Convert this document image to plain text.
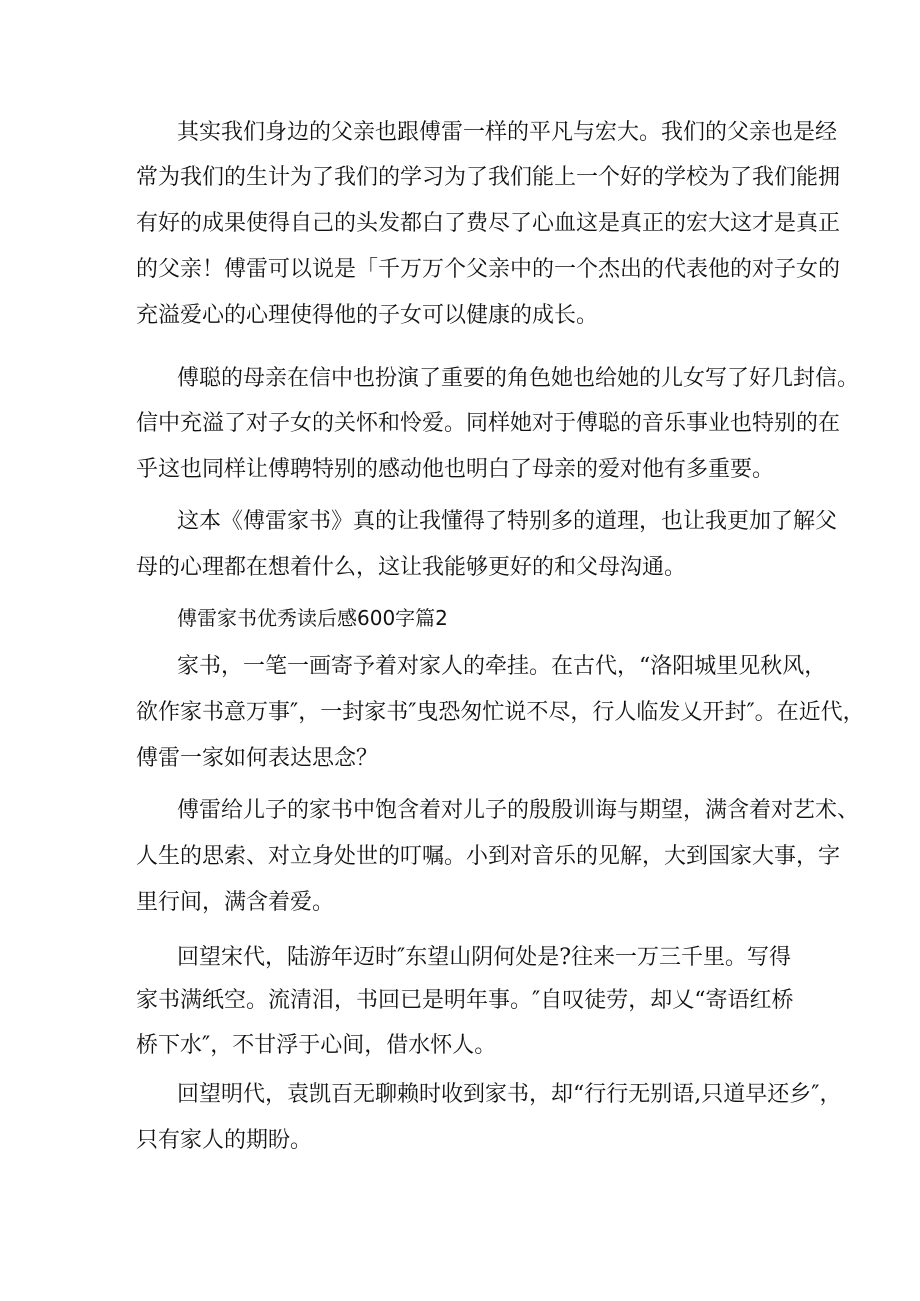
其实我们身边的父亲也跟傅雷一样的平凡与宏大。我们的父亲也是经
常为我们的生计为了我们的学习为了我们能上一个好的学校为了我们能拥
有好的成果使得自己的头发都白了费尽了心血这是真正的宏大这才是真正
的父亲！傅雷可以说是「千万万个父亲中的一个杰出的代表他的对子女的
充溢爱心的心理使得他的子女可以健康的成长。
傅聪的母亲在信中也扮演了重要的角色她也给她的儿女写了好几封信。
信中充溢了对子女的关怀和怜爱。同样她对于傅聪的音乐事业也特别的在
乎这也同样让傅聘特别的感动他也明白了母亲的爱对他有多重要。
这本《傅雷家书》真的让我懂得了特别多的道理，也让我更加了解父
母的心理都在想着什么，这让我能够更好的和父母沟通。
傅雷家书优秀读后感600字篇2
家书，一笔一画寄予着对家人的牵挂。在古代，“洛阳城里见秋风，
欲作家书意万事″，一封家书″曳恐匆忙说不尽，行人临发乂开封″。在近代，
傅雷一家如何表达思念？
傅雷给儿子的家书中饱含着对儿子的殷殷训诲与期望，满含着对艺术、
人生的思索、对立身处世的叮嘱。小到对音乐的见解，大到国家大事，字
里行间，满含着爱。
回望宋代，陆游年迈时″东望山阴何处是?往来一万三千里。写得
家书满纸空。流清泪，书回已是明年事。″自叹徒劳，却乂“寄语红桥
桥下水″，不甘浮于心间，借水怀人。
回望明代，袁凯百无聊赖时收到家书，却“行行无别语,只道早还乡″，
只有家人的期盼。
